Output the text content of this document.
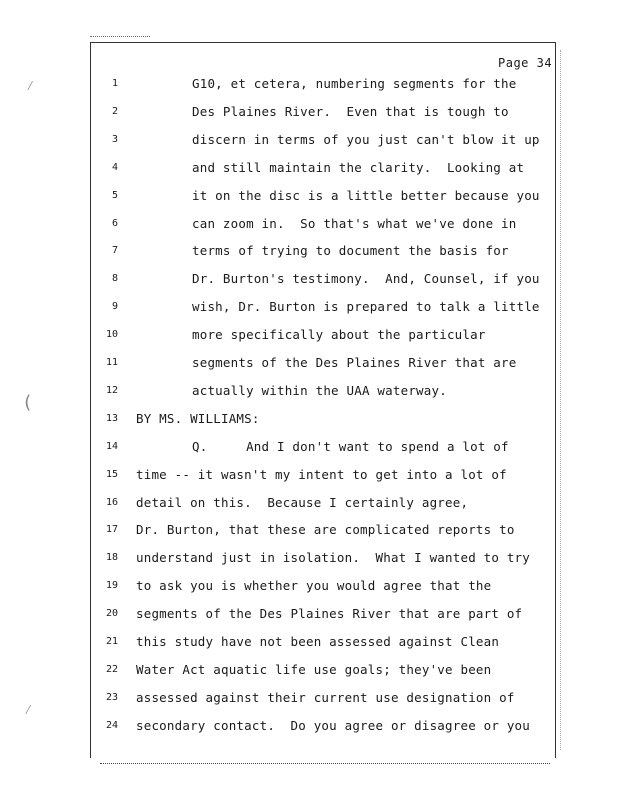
⁄
(
⁄
Page 34
1	G10, et cetera, numbering segments for the
2	Des Plaines River.  Even that is tough to
3	discern in terms of you just can't blow it up
4	and still maintain the clarity.  Looking at
5	it on the disc is a little better because you
6	can zoom in.  So that's what we've done in
7	terms of trying to document the basis for
8	Dr. Burton's testimony.  And, Counsel, if you
9	wish, Dr. Burton is prepared to talk a little
10	more specifically about the particular
11	segments of the Des Plaines River that are
12	actually within the UAA waterway.
13 BY MS. WILLIAMS:
14	Q.     And I don't want to spend a lot of
15 time -- it wasn't my intent to get into a lot of
16 detail on this.  Because I certainly agree,
17 Dr. Burton, that these are complicated reports to
18 understand just in isolation.  What I wanted to try
19 to ask you is whether you would agree that the
20 segments of the Des Plaines River that are part of
21 this study have not been assessed against Clean
22 Water Act aquatic life use goals; they've been
23 assessed against their current use designation of
24 secondary contact.  Do you agree or disagree or you
